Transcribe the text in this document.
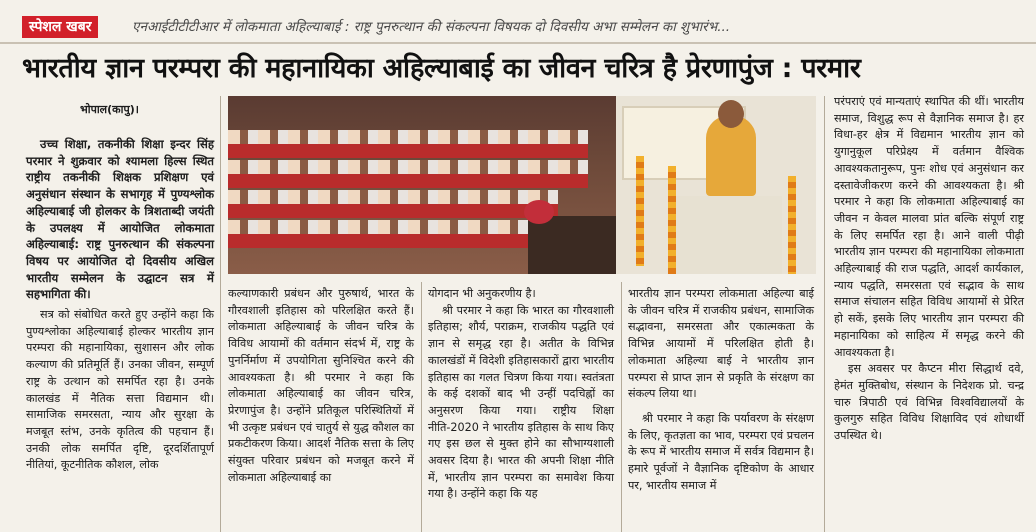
स्पेशल खबर	एनआईटीटीटीआर में लोकमाता अहिल्याबाई : राष्ट्र पुनरुत्थान की संकल्पना विषयक दो दिवसीय अभा सम्मेलन का शुभारंभ...
भारतीय ज्ञान परम्परा की महानायिका अहिल्याबाई का जीवन चरित्र है प्रेरणापुंज : परमार
भोपाल(कापु)।

उच्च शिक्षा, तकनीकी शिक्षा इन्दर सिंह परमार ने शुक्रवार को श्यामला हिल्स स्थित राष्ट्रीय तकनीकी शिक्षक प्रशिक्षण एवं अनुसंधान संस्थान के सभागृह में पुण्यश्लोक अहिल्याबाई जी होलकर के त्रिशताब्दी जयंती के उपलक्ष्य में आयोजित लोकमाता अहिल्याबाई: राष्ट्र पुनरुत्थान की संकल्पना विषय पर आयोजित दो दिवसीय अखिल भारतीय सम्मेलन के उद्घाटन सत्र में सहभागिता की।

सत्र को संबोधित करते हुए उन्होंने कहा कि पुण्यश्लोका अहिल्याबाई होल्कर भारतीय ज्ञान परम्परा की महानायिका, सुशासन और लोक कल्याण की प्रतिमूर्ति हैं। उनका जीवन, सम्पूर्ण राष्ट्र के उत्थान को समर्पित रहा है। उनके कालखंड में नैतिक सत्ता विद्यमान थी। सामाजिक समरसता, न्याय और सुरक्षा के मजबूत स्तंभ, उनके कृतित्व की पहचान हैं। उनकी लोक समर्पित दृष्टि, दूरदर्शितापूर्ण नीतियां, कूटनीतिक कौशल, लोक

कल्याणकारी प्रबंधन और पुरुषार्थ, भारत के गौरवशाली इतिहास को परिलक्षित करते हैं। लोकमाता अहिल्याबाई के जीवन चरित्र के विविध आयामों की वर्तमान संदर्भ में, राष्ट्र के पुनर्निर्माण में उपयोगिता सुनिश्चित करने की आवश्यकता है। श्री परमार ने कहा कि लोकमाता अहिल्याबाई का जीवन चरित्र, प्रेरणापुंज है। उन्होंने प्रतिकूल परिस्थितियों में भी उत्कृष्ट प्रबंधन एवं चातुर्य से युद्ध कौशल का प्रकटीकरण किया। आदर्श नैतिक सत्ता के लिए संयुक्त परिवार प्रबंधन को मजबूत करने में लोकमाता अहिल्याबाई का

योगदान भी अनुकरणीय है।

श्री परमार ने कहा कि भारत का गौरवशाली इतिहास; शौर्य, पराक्रम, राजकीय पद्धति एवं ज्ञान से समृद्ध रहा है। अतीत के विभिन्न कालखंडों में विदेशी इतिहासकारों द्वारा भारतीय इतिहास का गलत चित्रण किया गया। स्वतंत्रता के कई दशकों बाद भी उन्हीं पदचिह्नों का अनुसरण किया गया। राष्ट्रीय शिक्षा नीति-2020 ने भारतीय इतिहास के साथ किए गए इस छल से मुक्त होने का सौभाग्यशाली अवसर दिया है। भारत की अपनी शिक्षा नीति में, भारतीय ज्ञान परम्परा का समावेश किया गया है। उन्होंने कहा कि यह

भारतीय ज्ञान परम्परा लोकमाता अहिल्या बाई के जीवन चरित्र में राजकीय प्रबंधन, सामाजिक सद्भावना, समरसता और एकात्मकता के विभिन्न आयामों में परिलक्षित होती है। लोकमाता अहिल्या बाई ने भारतीय ज्ञान परम्परा से प्राप्त ज्ञान से प्रकृति के संरक्षण का संकल्प लिया था।

श्री परमार ने कहा कि पर्यावरण के संरक्षण के लिए, कृतज्ञता का भाव, परम्परा एवं प्रचलन के रूप में भारतीय समाज में सर्वत्र विद्यमान है। हमारे पूर्वजों ने वैज्ञानिक दृष्टिकोण के आधार पर, भारतीय समाज में

परंपराएं एवं मान्यताएं स्थापित की थीं। भारतीय समाज, विशुद्ध रूप से वैज्ञानिक समाज है। हर विधा-हर क्षेत्र में विद्यमान भारतीय ज्ञान को युगानुकूल परिप्रेक्ष्य में वर्तमान वैश्विक आवश्यकतानुरूप, पुनः शोध एवं अनुसंधान कर दस्तावेजीकरण करने की आवश्यकता है। श्री परमार ने कहा कि लोकमाता अहिल्याबाई का जीवन न केवल मालवा प्रांत बल्कि संपूर्ण राष्ट्र के लिए समर्पित रहा है। आने वाली पीढ़ी भारतीय ज्ञान परम्परा की महानायिका लोकमाता अहिल्याबाई की राज पद्धति, आदर्श कार्यकाल, न्याय पद्धति, समरसता एवं सद्भाव के साथ समाज संचालन सहित विविध आयामों से प्रेरित हो सकें, इसके लिए भारतीय ज्ञान परम्परा की महानायिका को साहित्य में समृद्ध करने की आवश्यकता है।

इस अवसर पर कैप्टन मीरा सिद्धार्थ दवे, हेमंत मुक्तिबोध, संस्थान के निदेशक प्रो. चन्द्र चारु त्रिपाठी एवं विभिन्न विश्वविद्यालयों के कुलगुरु सहित विविध शिक्षाविद एवं शोधार्थी उपस्थित थे।
